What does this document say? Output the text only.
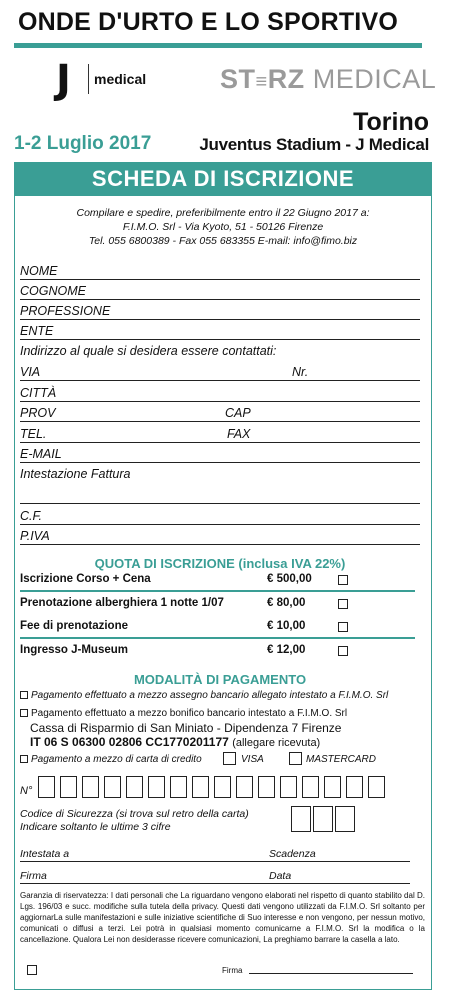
ONDE D'URTO E LO SPORTIVO
J medical	ST≡RZ MEDICAL
Torino
1-2 Luglio 2017	Juventus Stadium - J Medical
SCHEDA DI ISCRIZIONE
Compilare e spedire, preferibilmente entro il 22 Giugno 2017 a:
F.I.M.O. Srl - Via Kyoto, 51 - 50126 Firenze
Tel. 055 6800389 - Fax 055 683355 E-mail: info@fimo.biz
NOME
COGNOME
PROFESSIONE
ENTE
Indirizzo al quale si desidera essere contattati:
VIA	Nr.
CITTÀ
PROV	CAP
TEL.	FAX
E-MAIL
Intestazione Fattura
C.F.
P.IVA
QUOTA DI ISCRIZIONE (inclusa IVA 22%)
Iscrizione Corso + Cena	€ 500,00
Prenotazione alberghiera 1 notte 1/07	€ 80,00
Fee di prenotazione	€ 10,00
Ingresso J-Museum	€ 12,00
MODALITÀ DI PAGAMENTO
Pagamento effettuato a mezzo assegno bancario allegato intestato a F.I.M.O. Srl
Pagamento effettuato a mezzo bonifico bancario intestato a F.I.M.O. Srl
Cassa di Risparmio di San Miniato - Dipendenza 7 Firenze
IT 06 S 06300 02806 CC1770201177 (allegare ricevuta)
Pagamento a mezzo di carta di credito	VISA	MASTERCARD
N°
Codice di Sicurezza (si trova sul retro della carta)
Indicare soltanto le ultime 3 cifre
Intestata a	Scadenza
Firma	Data
Garanzia di riservatezza: I dati personali che La riguardano vengono elaborati nel rispetto di quanto stabilito dal D. Lgs. 196/03 e succ. modifiche sulla tutela della privacy. Questi dati vengono utilizzati da F.I.M.O. Srl soltanto per aggiornarLa sulle manifestazioni e sulle iniziative scientifiche di Suo interesse e non vengono, per nessun motivo, comunicati o diffusi a terzi. Lei potrà in qualsiasi momento comunicarne a F.I.M.O. Srl la modifica o la cancellazione. Qualora Lei non desiderasse ricevere comunicazioni, La preghiamo barrare la casella a lato.
Firma
